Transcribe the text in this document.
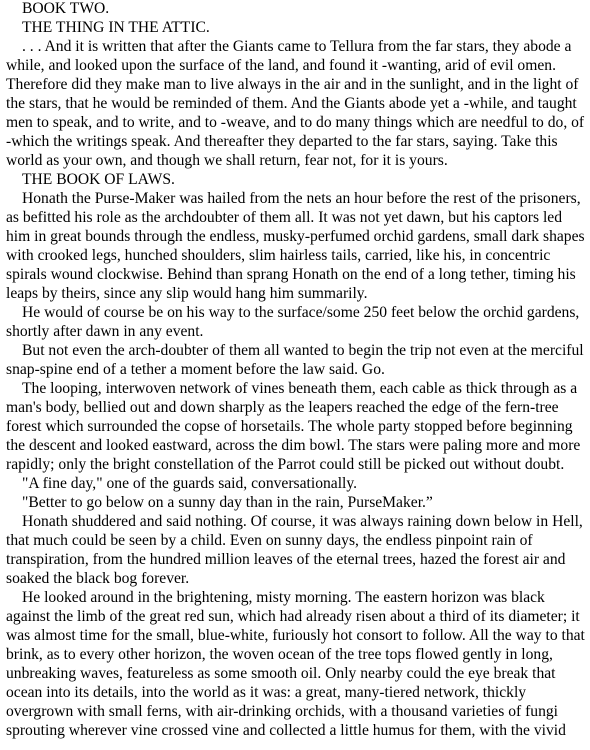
BOOK TWO.

THE THING IN THE ATTIC.

. . . And it is written that after the Giants came to Tellura from the far stars, they abode a while, and looked upon the surface of the land, and found it -wanting, arid of evil omen. Therefore did they make man to live always in the air and in the sunlight, and in the light of the stars, that he would be reminded of them. And the Giants abode yet a -while, and taught men to speak, and to write, and to -weave, and to do many things which are needful to do, of -which the writings speak. And thereafter they departed to the far stars, saying. Take this world as your own, and though we shall return, fear not, for it is yours.

THE BOOK OF LAWS.

Honath the Purse-Maker was hailed from the nets an hour before the rest of the prisoners, as befitted his role as the archdoubter of them all. It was not yet dawn, but his captors led him in great bounds through the endless, musky-perfumed orchid gardens, small dark shapes with crooked legs, hunched shoulders, slim hairless tails, carried, like his, in concentric spirals wound clockwise. Behind than sprang Honath on the end of a long tether, timing his leaps by theirs, since any slip would hang him summarily.

He would of course be on his way to the surface/some 250 feet below the orchid gardens, shortly after dawn in any event.

But not even the arch-doubter of them all wanted to begin the trip not even at the merciful snap-spine end of a tether a moment before the law said. Go.

The looping, interwoven network of vines beneath them, each cable as thick through as a man's body, bellied out and down sharply as the leapers reached the edge of the fern-tree forest which surrounded the copse of horsetails. The whole party stopped before beginning the descent and looked eastward, across the dim bowl. The stars were paling more and more rapidly; only the bright constellation of the Parrot could still be picked out without doubt.

"A fine day," one of the guards said, conversationally.

"Better to go below on a sunny day than in the rain, PurseMaker.”

Honath shuddered and said nothing. Of course, it was always raining down below in Hell, that much could be seen by a child. Even on sunny days, the endless pinpoint rain of transpiration, from the hundred million leaves of the eternal trees, hazed the forest air and soaked the black bog forever.

He looked around in the brightening, misty morning. The eastern horizon was black against the limb of the great red sun, which had already risen about a third of its diameter; it was almost time for the small, blue-white, furiously hot consort to follow. All the way to that brink, as to every other horizon, the woven ocean of the tree tops flowed gently in long, unbreaking waves, featureless as some smooth oil. Only nearby could the eye break that ocean into its details, into the world as it was: a great, many-tiered network, thickly overgrown with small ferns, with air-drinking orchids, with a thousand varieties of fungi sprouting wherever vine crossed vine and collected a little humus for them, with the vivid
